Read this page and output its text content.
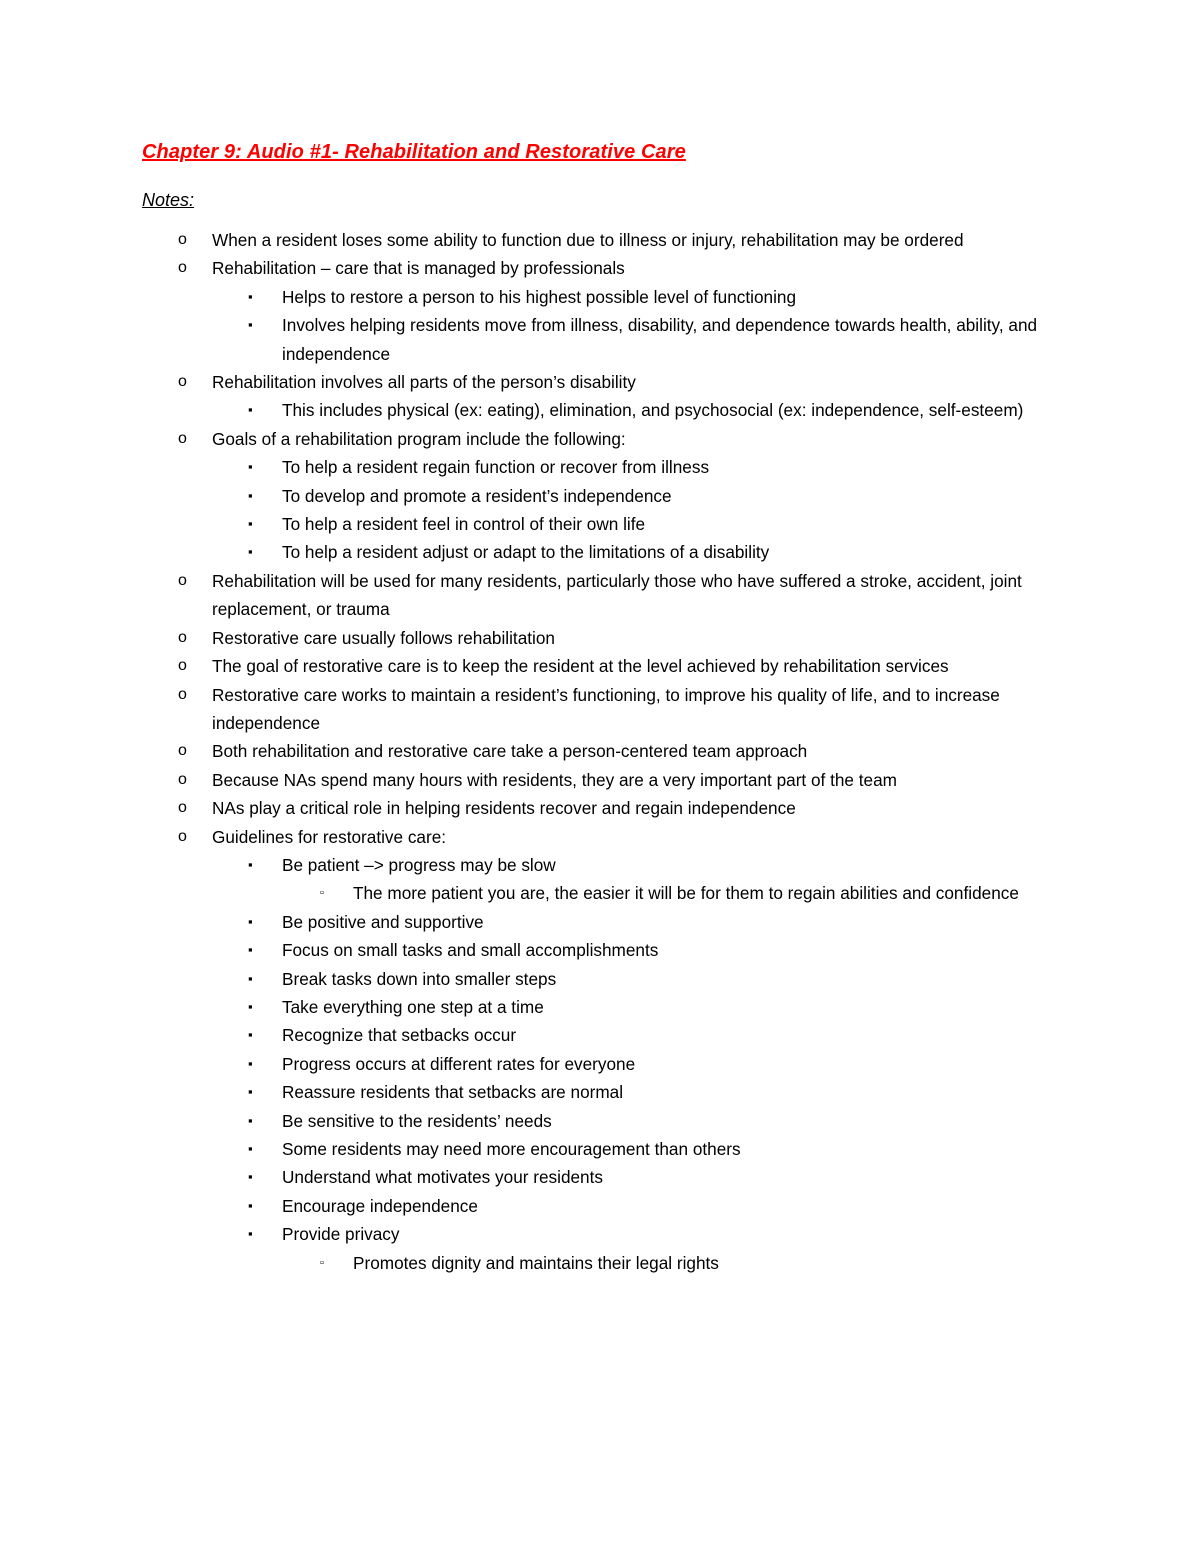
Chapter 9: Audio #1- Rehabilitation and Restorative Care
Notes:
o When a resident loses some ability to function due to illness or injury, rehabilitation may be ordered
o Rehabilitation – care that is managed by professionals
▪ Helps to restore a person to his highest possible level of functioning
▪ Involves helping residents move from illness, disability, and dependence towards health, ability, and independence
o Rehabilitation involves all parts of the person’s disability
▪ This includes physical (ex: eating), elimination, and psychosocial (ex: independence, self-esteem)
o Goals of a rehabilitation program include the following:
▪ To help a resident regain function or recover from illness
▪ To develop and promote a resident’s independence
▪ To help a resident feel in control of their own life
▪ To help a resident adjust or adapt to the limitations of a disability
o Rehabilitation will be used for many residents, particularly those who have suffered a stroke, accident, joint replacement, or trauma
o Restorative care usually follows rehabilitation
o The goal of restorative care is to keep the resident at the level achieved by rehabilitation services
o Restorative care works to maintain a resident’s functioning, to improve his quality of life, and to increase independence
o Both rehabilitation and restorative care take a person-centered team approach
o Because NAs spend many hours with residents, they are a very important part of the team
o NAs play a critical role in helping residents recover and regain independence
o Guidelines for restorative care:
▪ Be patient –> progress may be slow
▫ The more patient you are, the easier it will be for them to regain abilities and confidence
▪ Be positive and supportive
▪ Focus on small tasks and small accomplishments
▪ Break tasks down into smaller steps
▪ Take everything one step at a time
▪ Recognize that setbacks occur
▪ Progress occurs at different rates for everyone
▪ Reassure residents that setbacks are normal
▪ Be sensitive to the residents’ needs
▪ Some residents may need more encouragement than others
▪ Understand what motivates your residents
▪ Encourage independence
▪ Provide privacy
▫ Promotes dignity and maintains their legal rights
